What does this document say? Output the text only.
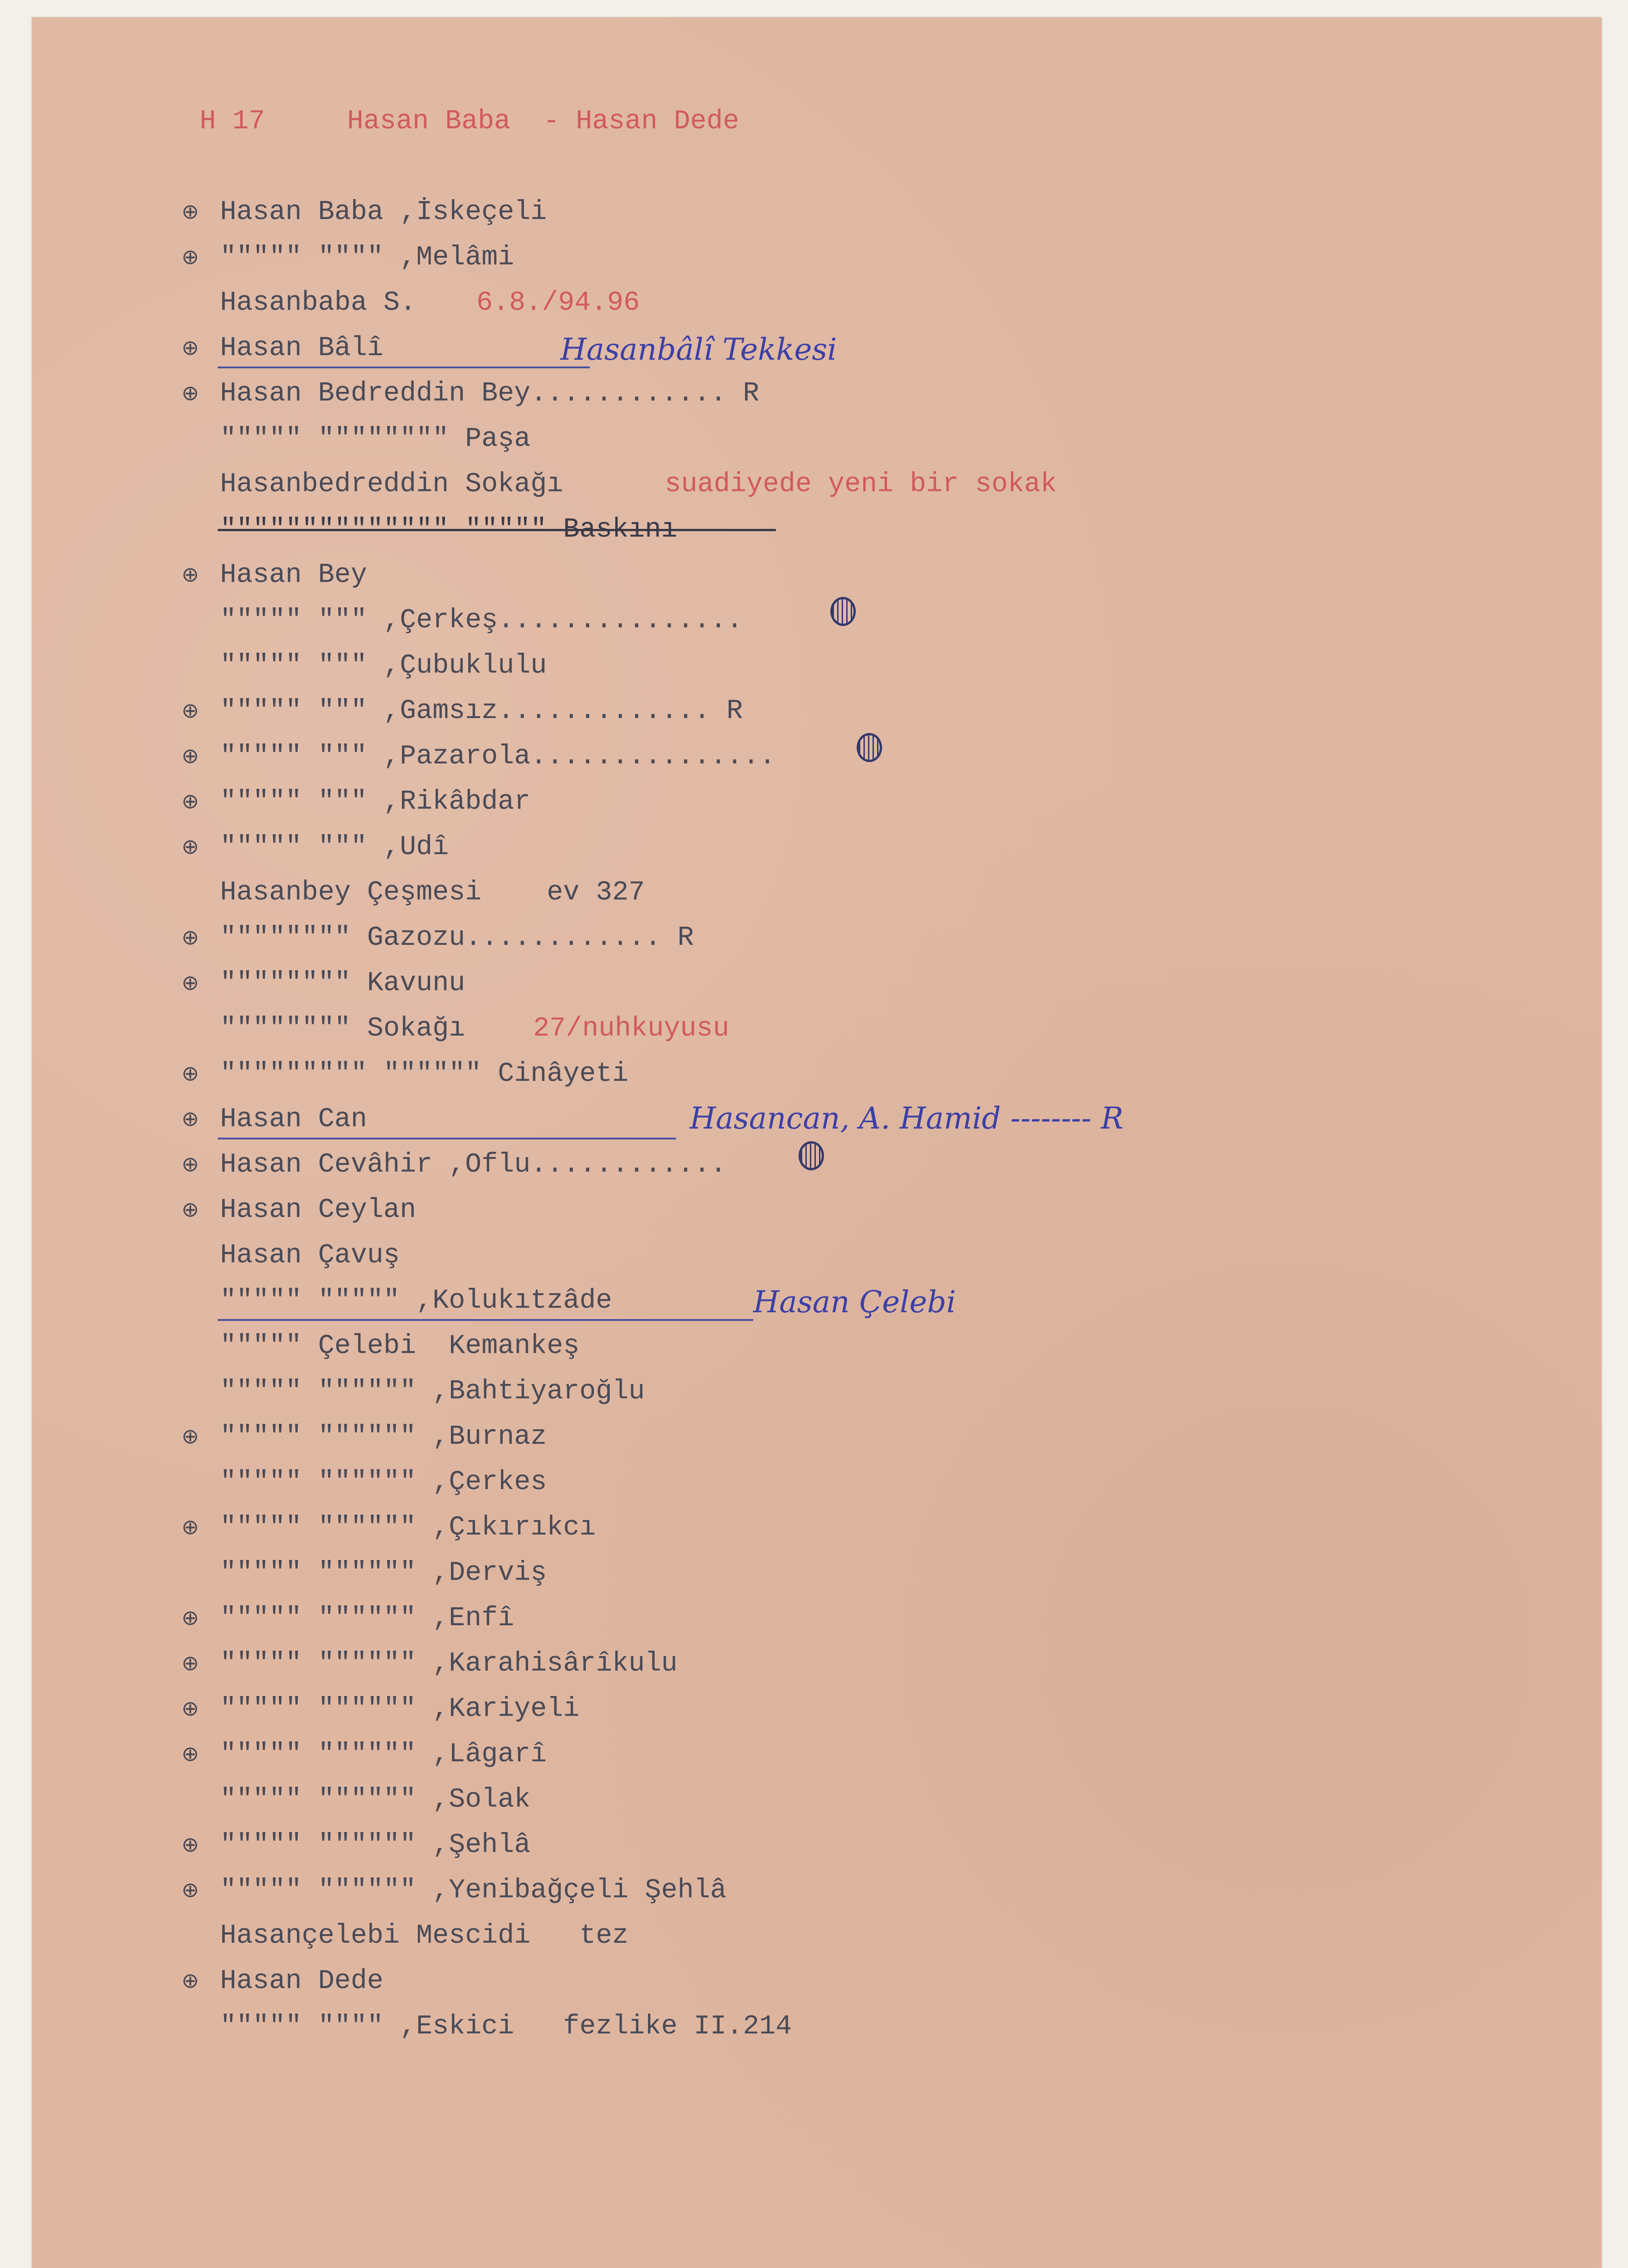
H 17	Hasan Baba  - Hasan Dede
⊕
⊕
⊕
⊕
⊕
⊕
⊕
⊕
⊕
⊕
⊕
⊕
⊕
⊕
⊕
⊕
⊕
⊕
⊕
⊕
⊕
⊕
⊕
⊕
Hasan Baba ,İskeçeli
""""" """" ,Melâmi
Hasanbaba S. 6.8./94.96
Hasan Bâlî
Hasan Bedreddin Bey............ R
""""" """""""" Paşa
Hasanbedreddin Sokağı	suadiyede yeni bir sokak
"""""""""""""" """"" Baskını
Hasan Bey
""""" """ ,Çerkeş...............
""""" """ ,Çubuklulu
""""" """ ,Gamsız............. R
""""" """ ,Pazarola...............
""""" """ ,Rikâbdar
""""" """ ,Udî
Hasanbey Çeşmesi    ev 327
"""""""" Gazozu............ R
"""""""" Kavunu
"""""""" Sokağı 27/nuhkuyusu
""""""""" """""" Cinâyeti
Hasan Can
Hasan Cevâhir ,Oflu............
Hasan Ceylan
Hasan Çavuş
""""" """"" ,Kolukıtzâde
""""" Çelebi  Kemankeş
""""" """""" ,Bahtiyaroğlu
""""" """""" ,Burnaz
""""" """""" ,Çerkes
""""" """""" ,Çıkırıkcı
""""" """""" ,Derviş
""""" """""" ,Enfî
""""" """""" ,Karahisârîkulu
""""" """""" ,Kariyeli
""""" """""" ,Lâgarî
""""" """""" ,Solak
""""" """""" ,Şehlâ
""""" """""" ,Yenibağçeli Şehlâ
Hasançelebi Mescidi   tez
Hasan Dede
""""" """" ,Eskici   fezlike II.214
Hasanbâlî Tekkesi
Hasancan, A. Hamid -------- R
Hasan Çelebi
